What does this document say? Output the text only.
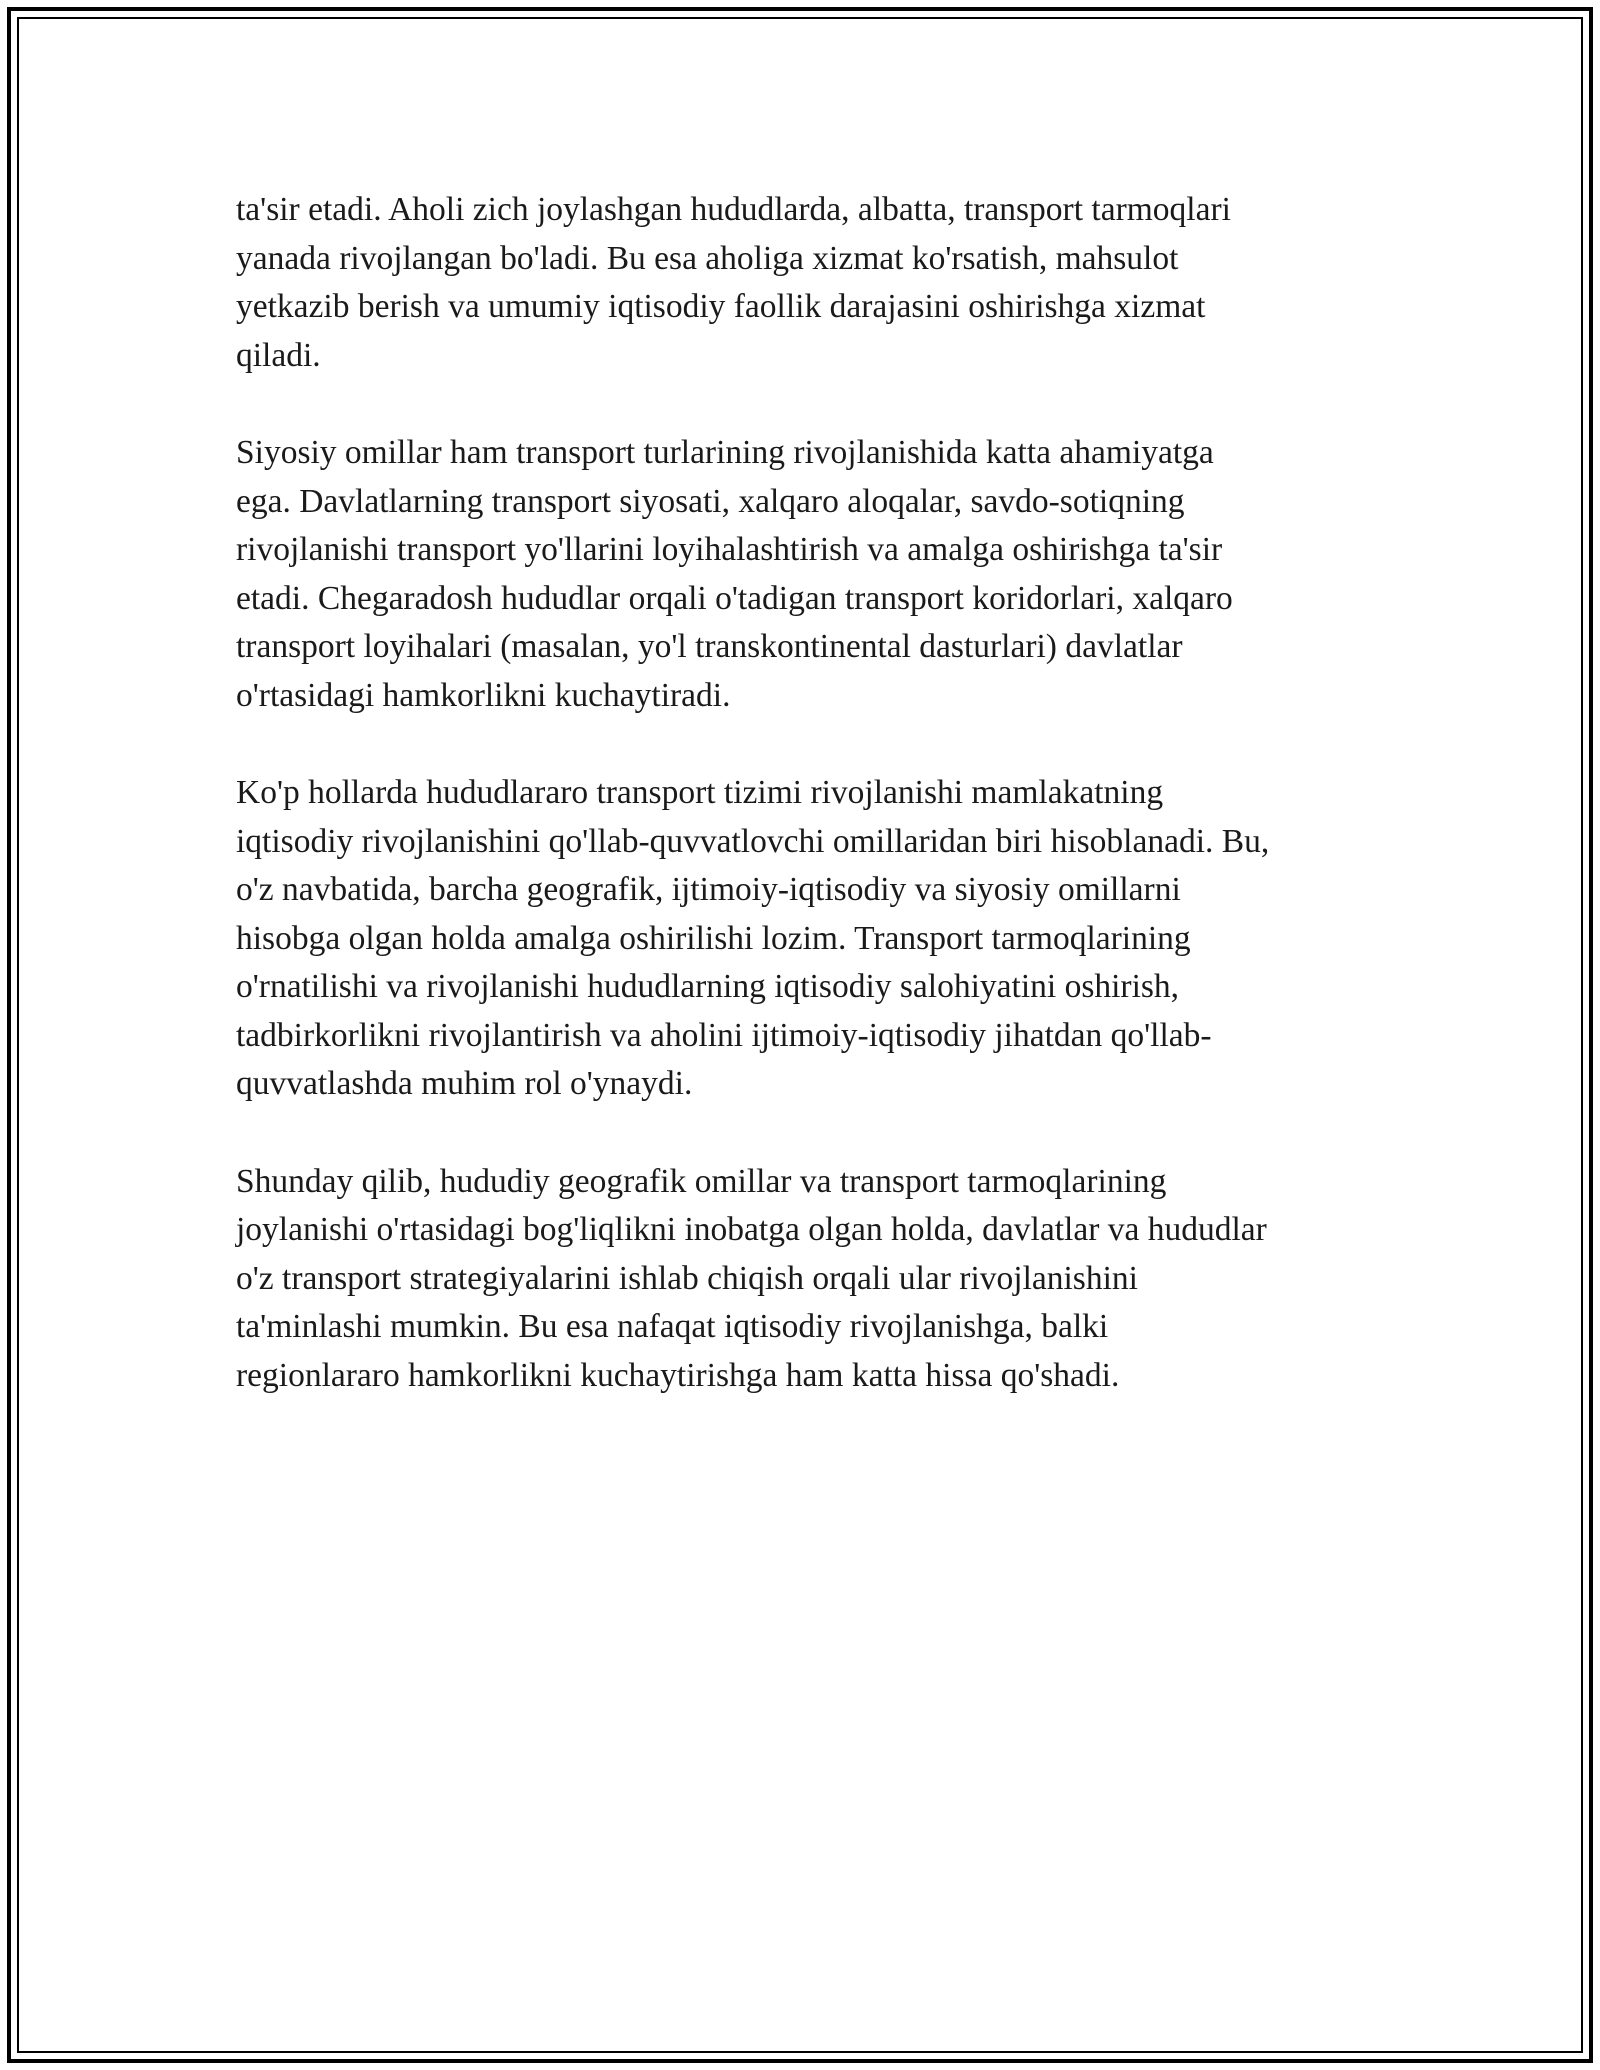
ta'sir etadi. Aholi zich joylashgan hududlarda, albatta, transport tarmoqlari
yanada rivojlangan bo'ladi. Bu esa aholiga xizmat ko'rsatish, mahsulot
yetkazib berish va umumiy iqtisodiy faollik darajasini oshirishga xizmat
qiladi.

Siyosiy omillar ham transport turlarining rivojlanishida katta ahamiyatga
ega. Davlatlarning transport siyosati, xalqaro aloqalar, savdo-sotiqning
rivojlanishi transport yo'llarini loyihalashtirish va amalga oshirishga ta'sir
etadi. Chegaradosh hududlar orqali o'tadigan transport koridorlari, xalqaro
transport loyihalari (masalan, yo'l transkontinental dasturlari) davlatlar
o'rtasidagi hamkorlikni kuchaytiradi.

Ko'p hollarda hududlararo transport tizimi rivojlanishi mamlakatning
iqtisodiy rivojlanishini qo'llab-quvvatlovchi omillaridan biri hisoblanadi. Bu,
o'z navbatida, barcha geografik, ijtimoiy-iqtisodiy va siyosiy omillarni
hisobga olgan holda amalga oshirilishi lozim. Transport tarmoqlarining
o'rnatilishi va rivojlanishi hududlarning iqtisodiy salohiyatini oshirish,
tadbirkorlikni rivojlantirish va aholini ijtimoiy-iqtisodiy jihatdan qo'llab-
quvvatlashda muhim rol o'ynaydi.

Shunday qilib, hududiy geografik omillar va transport tarmoqlarining
joylanishi o'rtasidagi bog'liqlikni inobatga olgan holda, davlatlar va hududlar
o'z transport strategiyalarini ishlab chiqish orqali ular rivojlanishini
ta'minlashi mumkin. Bu esa nafaqat iqtisodiy rivojlanishga, balki
regionlararo hamkorlikni kuchaytirishga ham katta hissa qo'shadi.
